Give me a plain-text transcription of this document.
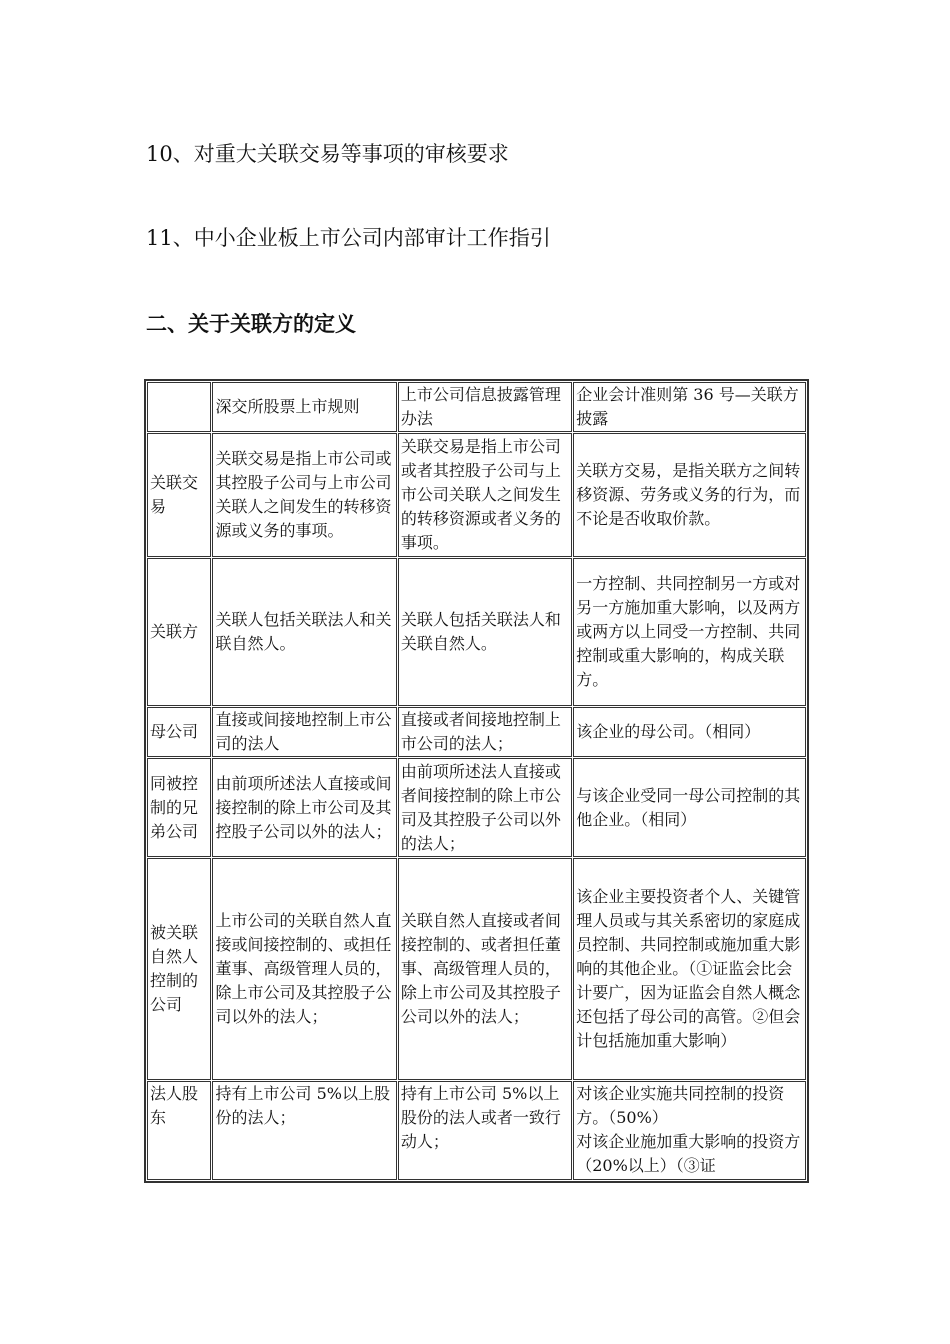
10、对重大关联交易等事项的审核要求
11、中小企业板上市公司内部审计工作指引
二、关于关联方的定义
	深交所股票上市规则	上市公司信息披露管理办法	企业会计准则第 36 号—关联方披露
关联交易	关联交易是指上市公司或其控股子公司与上市公司关联人之间发生的转移资源或义务的事项。	关联交易是指上市公司或者其控股子公司与上市公司关联人之间发生的转移资源或者义务的事项。	关联方交易，是指关联方之间转移资源、劳务或义务的行为，而不论是否收取价款。
关联方	关联人包括关联法人和关联自然人。	关联人包括关联法人和关联自然人。	一方控制、共同控制另一方或对另一方施加重大影响，以及两方或两方以上同受一方控制、共同控制或重大影响的，构成关联方。
母公司	直接或间接地控制上市公司的法人	直接或者间接地控制上市公司的法人；	该企业的母公司。（相同）
同被控制的兄弟公司	由前项所述法人直接或间接控制的除上市公司及其控股子公司以外的法人；	由前项所述法人直接或者间接控制的除上市公司及其控股子公司以外的法人；	与该企业受同一母公司控制的其他企业。（相同）
被关联自然人控制的公司	上市公司的关联自然人直接或间接控制的、或担任董事、高级管理人员的，除上市公司及其控股子公司以外的法人；	关联自然人直接或者间接控制的、或者担任董事、高级管理人员的，除上市公司及其控股子公司以外的法人；	该企业主要投资者个人、关键管理人员或与其关系密切的家庭成员控制、共同控制或施加重大影响的其他企业。（①证监会比会计要广，因为证监会自然人概念还包括了母公司的高管。②但会计包括施加重大影响）
法人股东	持有上市公司 5%以上股份的法人；	持有上市公司 5%以上股份的法人或者一致行动人；	对该企业实施共同控制的投资方。（50%）
对该企业施加重大影响的投资方（20%以上）（③证
